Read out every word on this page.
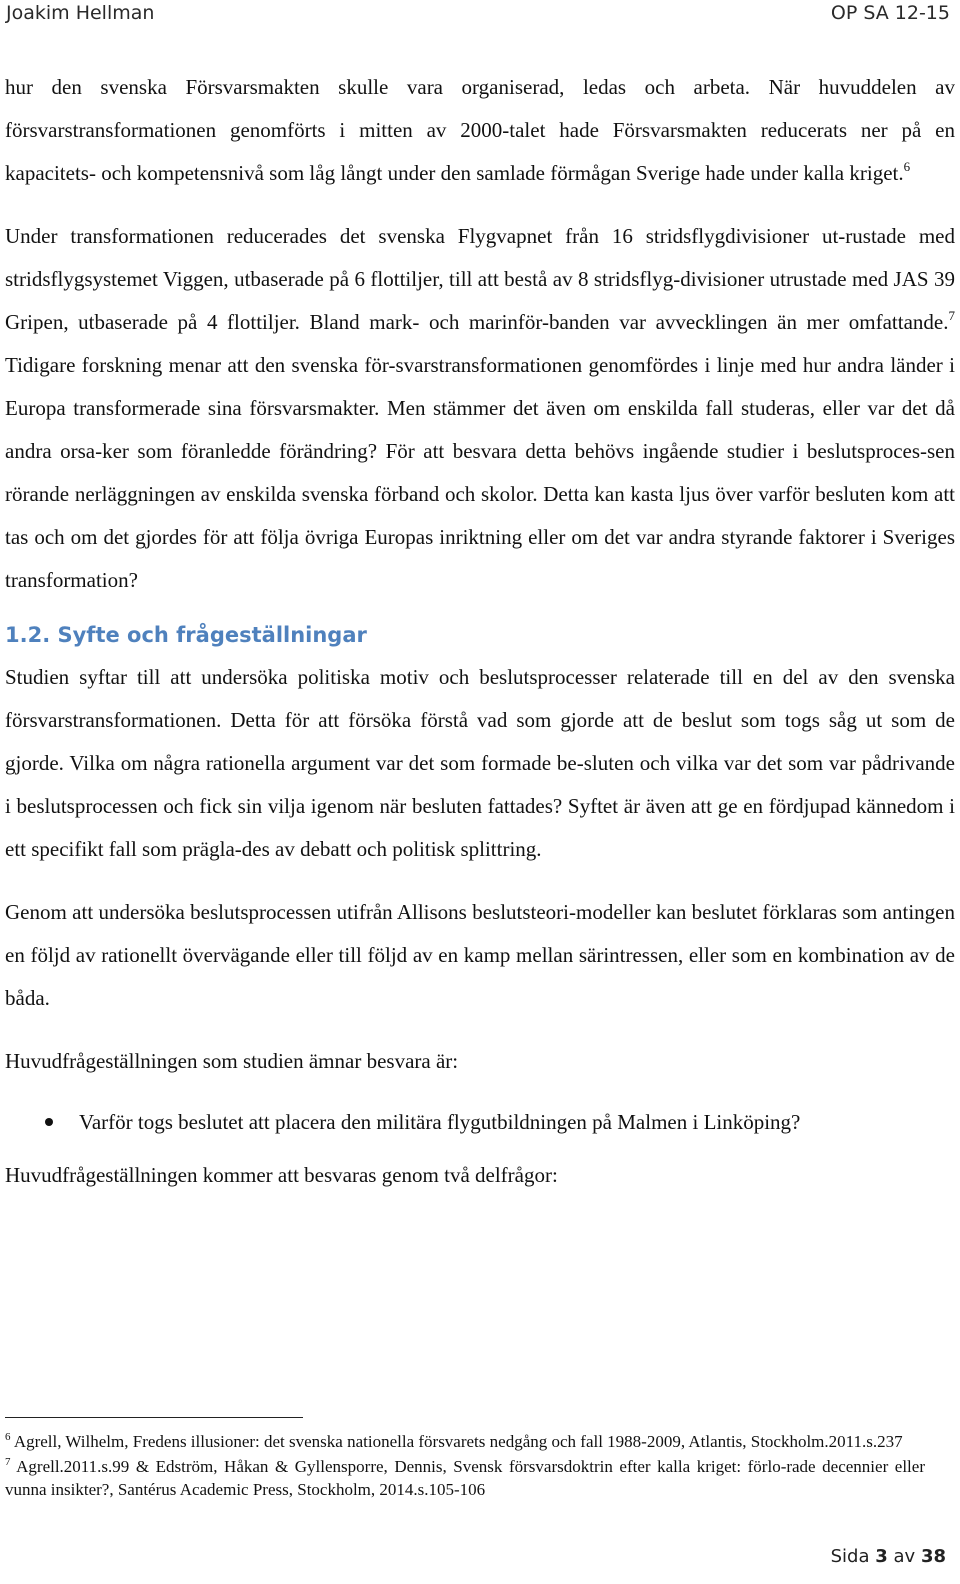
Joakim Hellman	OP SA 12-15

hur den svenska Försvarsmakten skulle vara organiserad, ledas och arbeta. När huvuddelen av försvarstransformationen genomförts i mitten av 2000-talet hade Försvarsmakten reducerats ner på en kapacitets- och kompetensnivå som låg långt under den samlade förmågan Sverige hade under kalla kriget.$^6$

Under transformationen reducerades det svenska Flygvapnet från 16 stridsflygdivisioner ut-rustade med stridsflygsystemet Viggen, utbaserade på 6 flottiljer, till att bestå av 8 stridsflyg-divisioner utrustade med JAS 39 Gripen, utbaserade på 4 flottiljer. Bland mark- och marinför-banden var avvecklingen än mer omfattande.$^7$ Tidigare forskning menar att den svenska för-svarstransformationen genomfördes i linje med hur andra länder i Europa transformerade sina försvarsmakter. Men stämmer det även om enskilda fall studeras, eller var det då andra orsa-ker som föranledde förändring? För att besvara detta behövs ingående studier i beslutsproces-sen rörande nerläggningen av enskilda svenska förband och skolor. Detta kan kasta ljus över varför besluten kom att tas och om det gjordes för att följa övriga Europas inriktning eller om det var andra styrande faktorer i Sveriges transformation?

1.2. Syfte och frågeställningar

Studien syftar till att undersöka politiska motiv och beslutsprocesser relaterade till en del av den svenska försvarstransformationen. Detta för att försöka förstå vad som gjorde att de beslut som togs såg ut som de gjorde. Vilka om några rationella argument var det som formade be-sluten och vilka var det som var pådrivande i beslutsprocessen och fick sin vilja igenom när besluten fattades? Syftet är även att ge en fördjupad kännedom i ett specifikt fall som prägla-des av debatt och politisk splittring.

Genom att undersöka beslutsprocessen utifrån Allisons beslutsteori-modeller kan beslutet förklaras som antingen en följd av rationellt övervägande eller till följd av en kamp mellan särintressen, eller som en kombination av de båda.

Huvudfrågeställningen som studien ämnar besvara är:

Varför togs beslutet att placera den militära flygutbildningen på Malmen i Linköping?

Huvudfrågeställningen kommer att besvaras genom två delfrågor:

$^6$ Agrell, Wilhelm, Fredens illusioner: det svenska nationella försvarets nedgång och fall 1988-2009, Atlantis, Stockholm.2011.s.237

$^7$ Agrell.2011.s.99 & Edström, Håkan & Gyllensporre, Dennis, Svensk försvarsdoktrin efter kalla kriget: förlo-rade decennier eller vunna insikter?, Santérus Academic Press, Stockholm, 2014.s.105-106

Sida 3 av 38
